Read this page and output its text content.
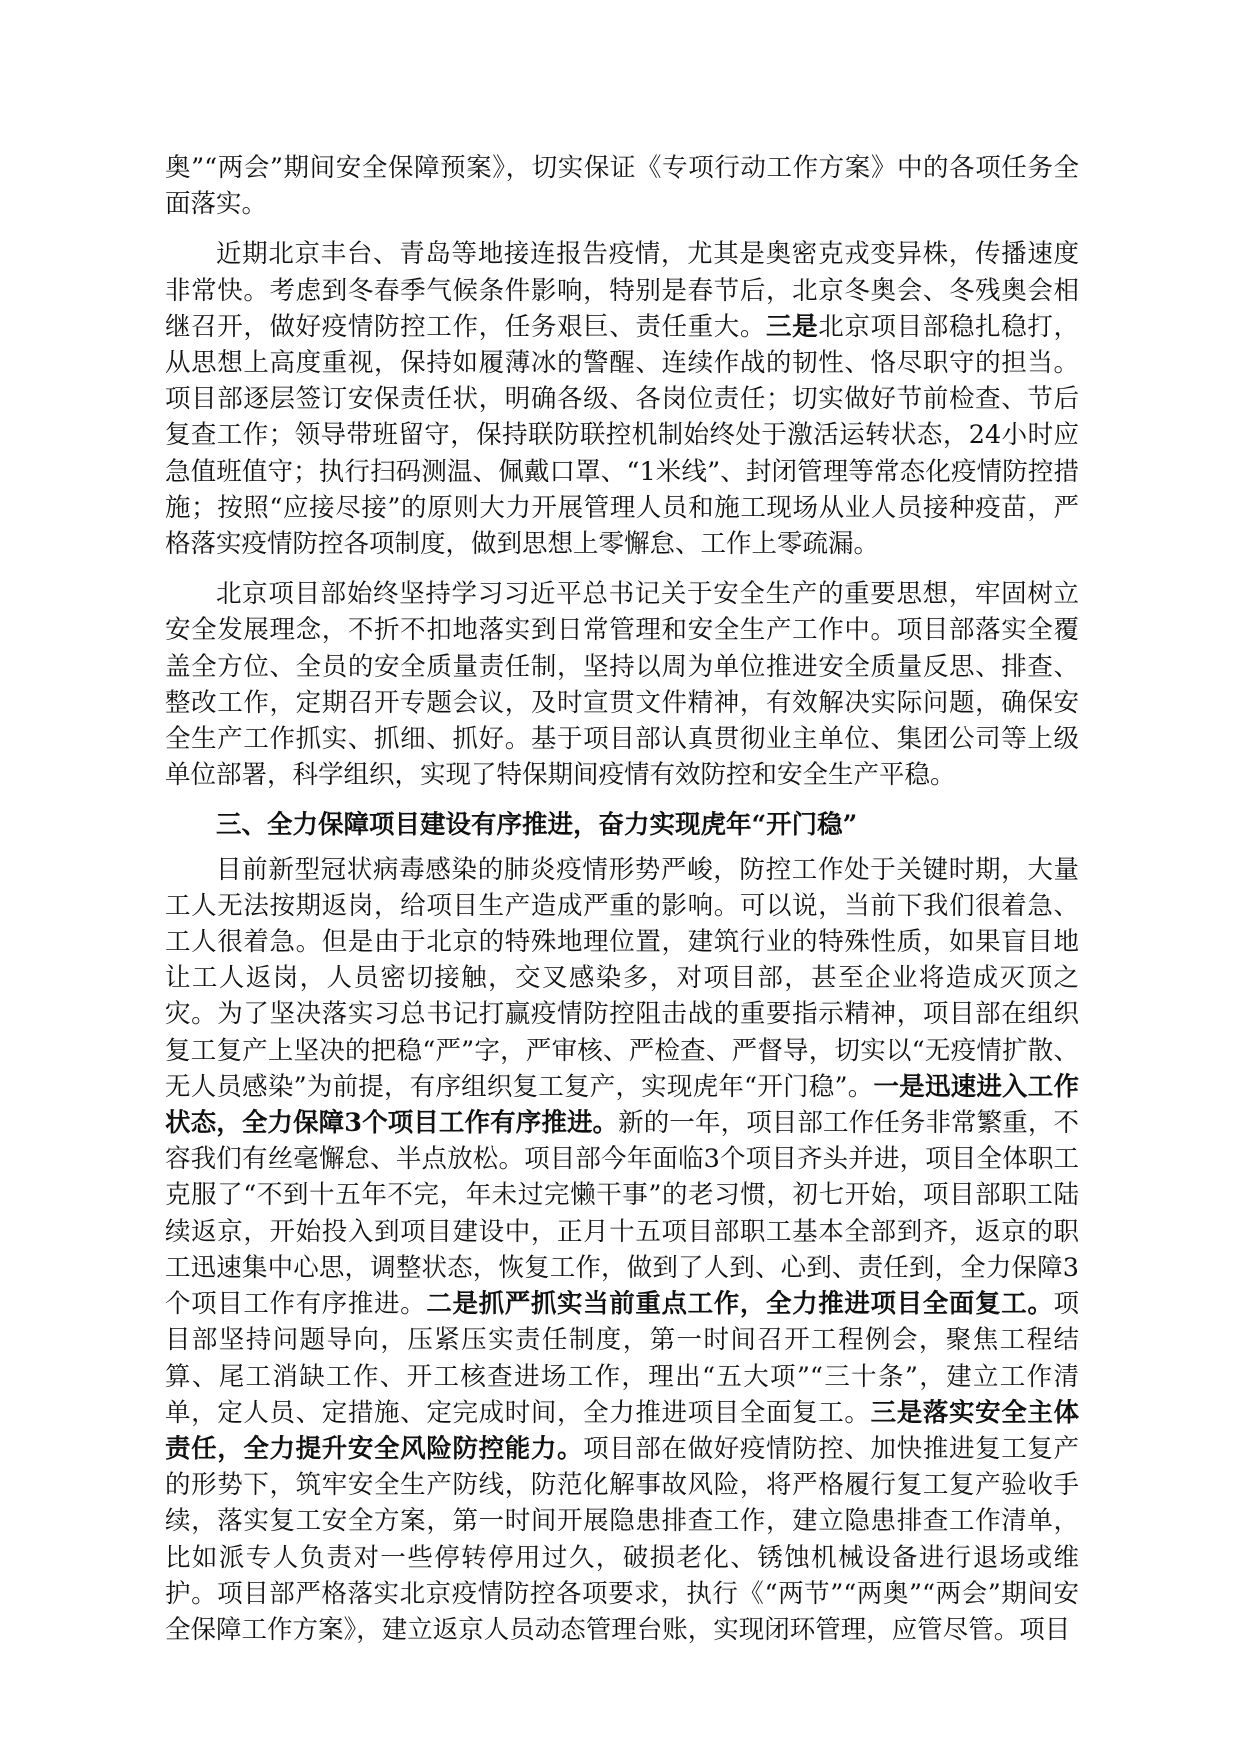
奥”“两会”期间安全保障预案》，切实保证《专项行动工作方案》中的各项任务全面落实。

近期北京丰台、青岛等地接连报告疫情，尤其是奥密克戎变异株，传播速度非常快。考虑到冬春季气候条件影响，特别是春节后，北京冬奥会、冬残奥会相继召开，做好疫情防控工作，任务艰巨、责任重大。三是北京项目部稳扎稳打，从思想上高度重视，保持如履薄冰的警醒、连续作战的韧性、恪尽职守的担当。项目部逐层签订安保责任状，明确各级、各岗位责任；切实做好节前检查、节后复查工作；领导带班留守，保持联防联控机制始终处于激活运转状态，24小时应急值班值守；执行扫码测温、佩戴口罩、“1米线”、封闭管理等常态化疫情防控措施；按照“应接尽接”的原则大力开展管理人员和施工现场从业人员接种疫苗，严格落实疫情防控各项制度，做到思想上零懈怠、工作上零疏漏。

北京项目部始终坚持学习习近平总书记关于安全生产的重要思想，牢固树立安全发展理念，不折不扣地落实到日常管理和安全生产工作中。项目部落实全覆盖全方位、全员的安全质量责任制，坚持以周为单位推进安全质量反思、排查、整改工作，定期召开专题会议，及时宣贯文件精神，有效解决实际问题，确保安全生产工作抓实、抓细、抓好。基于项目部认真贯彻业主单位、集团公司等上级单位部署，科学组织，实现了特保期间疫情有效防控和安全生产平稳。

三、全力保障项目建设有序推进，奋力实现虎年“开门稳”

目前新型冠状病毒感染的肺炎疫情形势严峻，防控工作处于关键时期，大量工人无法按期返岗，给项目生产造成严重的影响。可以说，当前下我们很着急、工人很着急。但是由于北京的特殊地理位置，建筑行业的特殊性质，如果盲目地让工人返岗，人员密切接触，交叉感染多，对项目部，甚至企业将造成灭顶之灾。为了坚决落实习总书记打赢疫情防控阻击战的重要指示精神，项目部在组织复工复产上坚决的把稳“严”字，严审核、严检查、严督导，切实以“无疫情扩散、无人员感染”为前提，有序组织复工复产，实现虎年“开门稳”。一是迅速进入工作状态，全力保障3个项目工作有序推进。新的一年，项目部工作任务非常繁重，不容我们有丝毫懈怠、半点放松。项目部今年面临3个项目齐头并进，项目全体职工克服了“不到十五年不完，年未过完懒干事”的老习惯，初七开始，项目部职工陆续返京，开始投入到项目建设中，正月十五项目部职工基本全部到齐，返京的职工迅速集中心思，调整状态，恢复工作，做到了人到、心到、责任到，全力保障3个项目工作有序推进。二是抓严抓实当前重点工作，全力推进项目全面复工。项目部坚持问题导向，压紧压实责任制度，第一时间召开工程例会，聚焦工程结算、尾工消缺工作、开工核查进场工作，理出“五大项”“三十条”，建立工作清单，定人员、定措施、定完成时间，全力推进项目全面复工。三是落实安全主体责任，全力提升安全风险防控能力。项目部在做好疫情防控、加快推进复工复产的形势下，筑牢安全生产防线，防范化解事故风险，将严格履行复工复产验收手续，落实复工安全方案，第一时间开展隐患排查工作，建立隐患排查工作清单，比如派专人负责对一些停转停用过久，破损老化、锈蚀机械设备进行退场或维护。项目部严格落实北京疫情防控各项要求，执行《“两节”“两奥”“两会”期间安全保障工作方案》，建立返京人员动态管理台账，实现闭环管理，应管尽管。项目
